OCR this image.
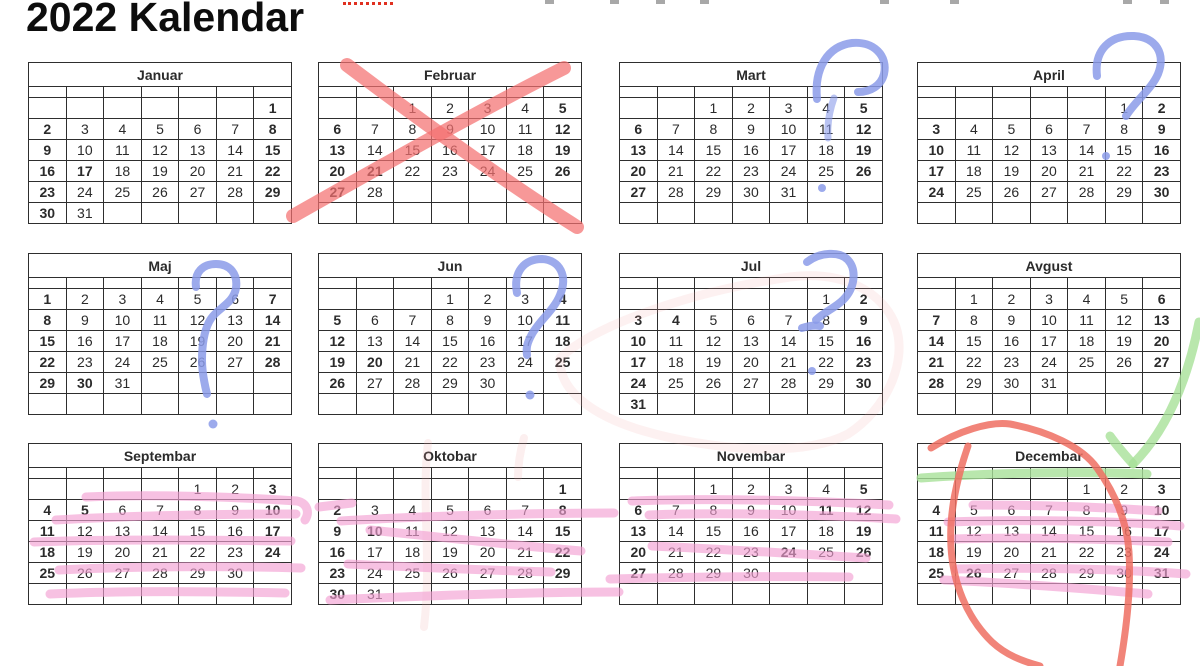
2022 Kalendar
Januar						

						1
2	3	4	5	6	7	8
9	10	11	12	13	14	15
16	17	18	19	20	21	22
23	24	25	26	27	28	29
30	31					
Februar						

		1	2	3	4	5
6	7	8	9	10	11	12
13	14	15	16	17	18	19
20	21	22	23	24	25	26
27	28					

Mart						

		1	2	3	4	5
6	7	8	9	10	11	12
13	14	15	16	17	18	19
20	21	22	23	24	25	26
27	28	29	30	31		

April						

					1	2
3	4	5	6	7	8	9
10	11	12	13	14	15	16
17	18	19	20	21	22	23
24	25	26	27	28	29	30

Maj						

1	2	3	4	5	6	7
8	9	10	11	12	13	14
15	16	17	18	19	20	21
22	23	24	25	26	27	28
29	30	31				

Jun						

			1	2	3	4
5	6	7	8	9	10	11
12	13	14	15	16	17	18
19	20	21	22	23	24	25
26	27	28	29	30		

Jul						

					1	2
3	4	5	6	7	8	9
10	11	12	13	14	15	16
17	18	19	20	21	22	23
24	25	26	27	28	29	30
31						
Avgust						

	1	2	3	4	5	6
7	8	9	10	11	12	13
14	15	16	17	18	19	20
21	22	23	24	25	26	27
28	29	30	31			

Septembar						

				1	2	3
4	5	6	7	8	9	10
11	12	13	14	15	16	17
18	19	20	21	22	23	24
25	26	27	28	29	30	

Oktobar						

						1
2	3	4	5	6	7	8
9	10	11	12	13	14	15
16	17	18	19	20	21	22
23	24	25	26	27	28	29
30	31					
Novembar						

		1	2	3	4	5
6	7	8	9	10	11	12
13	14	15	16	17	18	19
20	21	22	23	24	25	26
27	28	29	30			

Decembar						

				1	2	3
4	5	6	7	8	9	10
11	12	13	14	15	16	17
18	19	20	21	22	23	24
25	26	27	28	29	30	31
